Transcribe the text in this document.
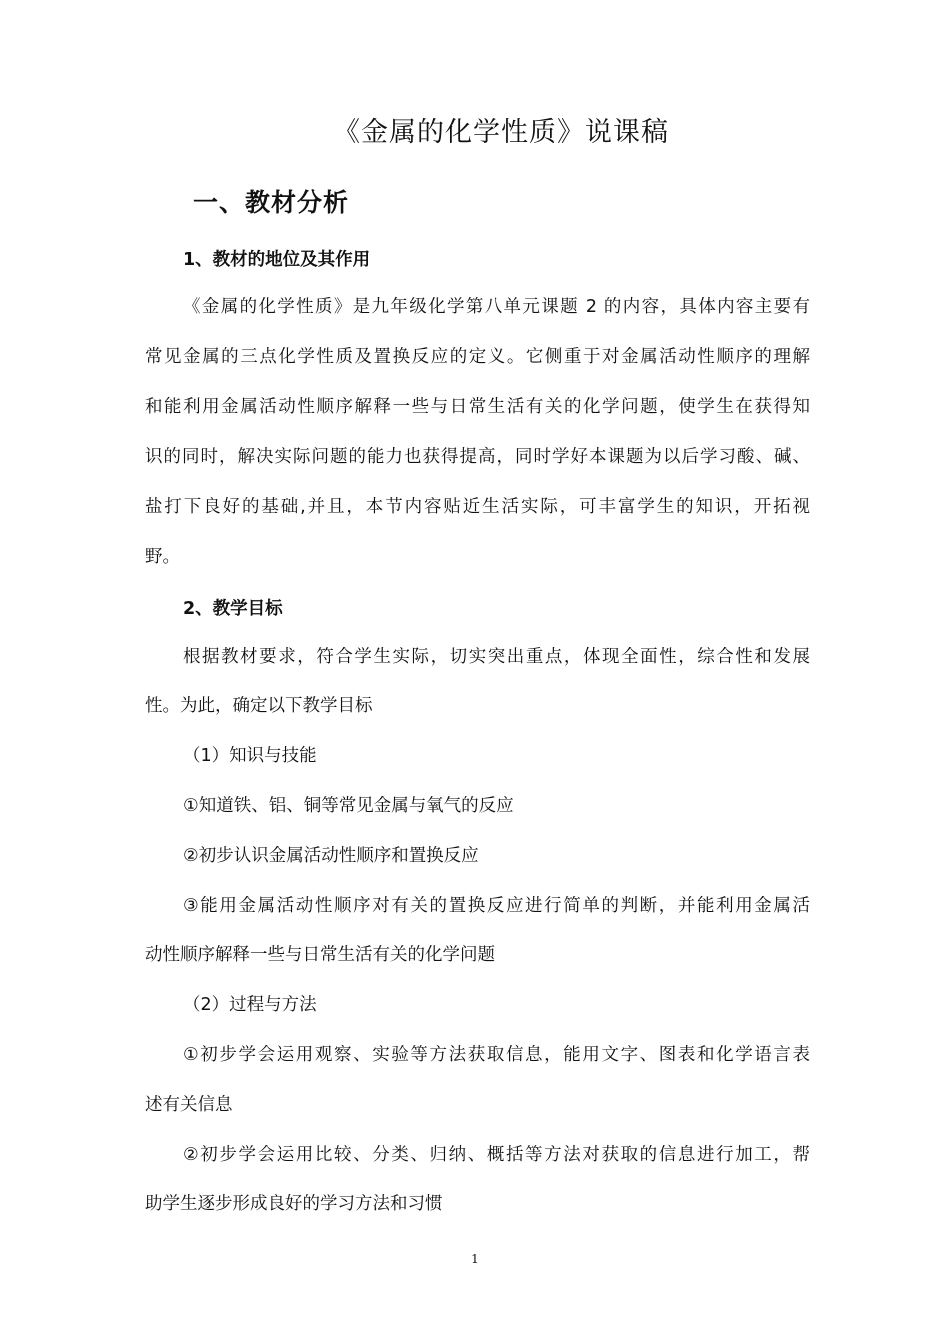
《金属的化学性质》说课稿
一、教材分析
1、教材的地位及其作用
《金属的化学性质》是九年级化学第八单元课题 2 的内容，具体内容主要有
常见金属的三点化学性质及置换反应的定义。它侧重于对金属活动性顺序的理解
和能利用金属活动性顺序解释一些与日常生活有关的化学问题，使学生在获得知
识的同时，解决实际问题的能力也获得提高，同时学好本课题为以后学习酸、碱、
盐打下良好的基础,并且，本节内容贴近生活实际，可丰富学生的知识，开拓视
野。
2、教学目标
根据教材要求，符合学生实际，切实突出重点，体现全面性，综合性和发展
性。为此，确定以下教学目标
（1）知识与技能
①知道铁、铝、铜等常见金属与氧气的反应
②初步认识金属活动性顺序和置换反应
③能用金属活动性顺序对有关的置换反应进行简单的判断，并能利用金属活
动性顺序解释一些与日常生活有关的化学问题
（2）过程与方法
①初步学会运用观察、实验等方法获取信息，能用文字、图表和化学语言表
述有关信息
②初步学会运用比较、分类、归纳、概括等方法对获取的信息进行加工，帮
助学生逐步形成良好的学习方法和习惯
1
